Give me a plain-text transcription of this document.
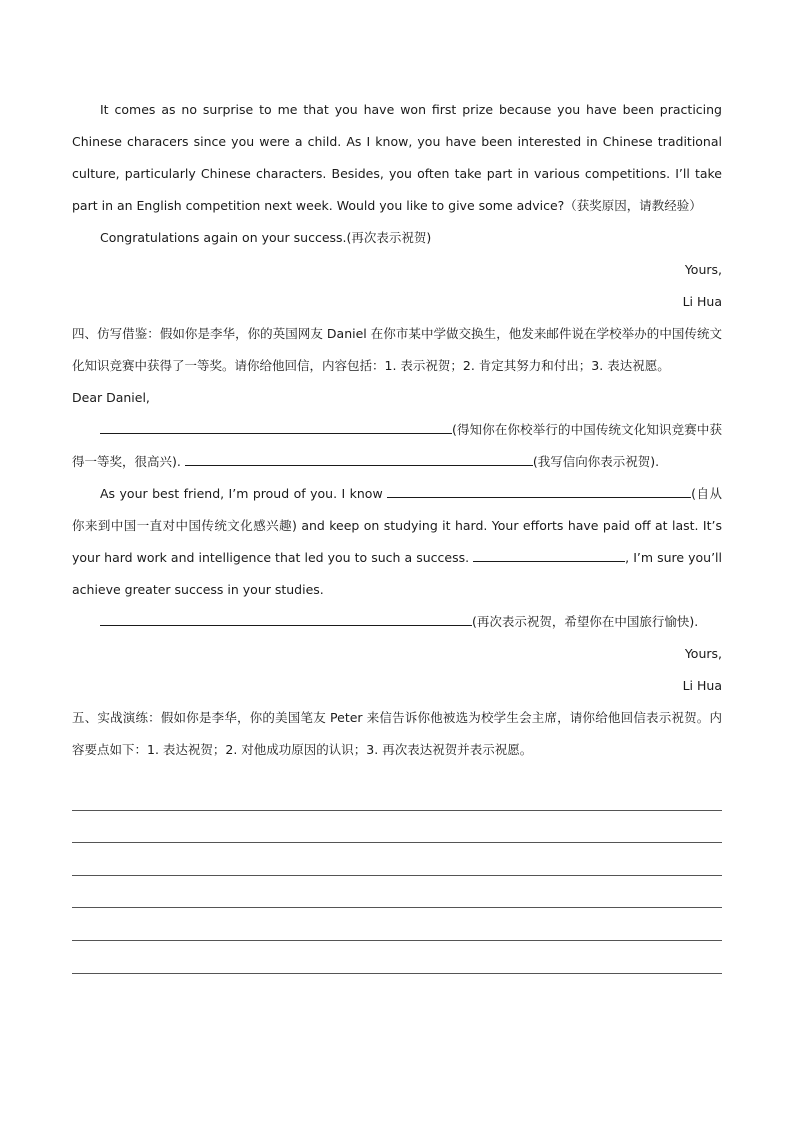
It comes as no surprise to me that you have won first prize because you have been practicing Chinese characers since you were a child. As I know, you have been interested in Chinese traditional culture, particularly Chinese characters. Besides, you often take part in various competitions. I’ll take part in an English competition next week. Would you like to give some advice?（获奖原因，请教经验）

Congratulations again on your success.(再次表示祝贺)

Yours,

Li Hua

四、仿写借鉴：假如你是李华，你的英国网友 Daniel 在你市某中学做交换生，他发来邮件说在学校举办的中国传统文化知识竞赛中获得了一等奖。请你给他回信，内容包括：1. 表示祝贺；2. 肯定其努力和付出；3. 表达祝愿。

Dear Daniel,

(得知你在你校举行的中国传统文化知识竞赛中获得一等奖，很高兴).	(我写信向你表示祝贺).

As your best friend, I’m proud of you. I know	(自从你来到中国一直对中国传统文化感兴趣) and keep on studying it hard. Your efforts have paid off at last. It’s your hard work and intelligence that led you to such a success.	, I’m sure you’ll achieve greater success in your studies.

(再次表示祝贺，希望你在中国旅行愉快).

Yours,

Li Hua

五、实战演练：假如你是李华，你的美国笔友 Peter 来信告诉你他被选为校学生会主席，请你给他回信表示祝贺。内容要点如下：1. 表达祝贺；2. 对他成功原因的认识；3. 再次表达祝贺并表示祝愿。
